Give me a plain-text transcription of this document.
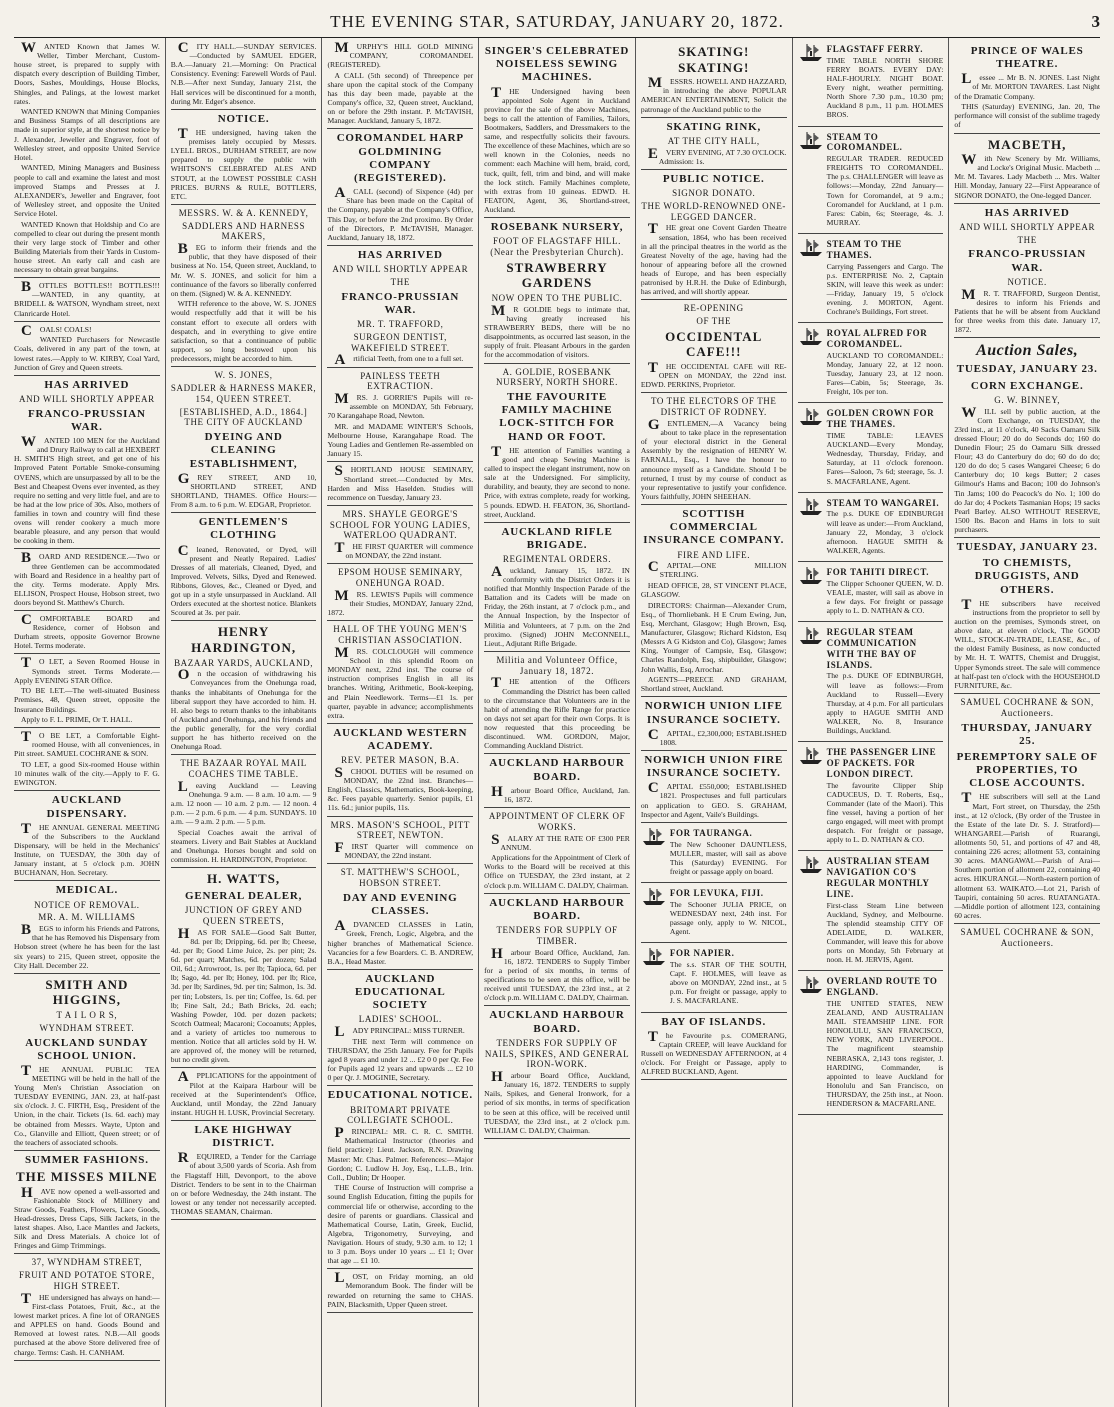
THE EVENING STAR, SATURDAY, JANUARY 20, 1872.	3

WANTED Known that James W. Weller, Timber Merchant, Custom-house street, is prepared to supply with dispatch every description of Building Timber, Doors, Sashes, Mouldings, House Blocks, Shingles, and Palings, at the lowest market rates.

WANTED KNOWN that Mining Companies and Business Stamps of all descriptions are made in superior style, at the shortest notice by J. Alexander, Jeweller and Engraver, foot of Wellesley street, and opposite United Service Hotel.

WANTED, Mining Managers and Business people to call and examine the latest and most improved Stamps and Presses at J. ALEXANDER's, Jeweller and Engraver, foot of Wellesley street, and opposite the United Service Hotel.

WANTED Known that Holdship and Co are compelled to clear out during the present month their very large stock of Timber and other Building Materials from their Yards in Custom-house street. An early call and cash are necessary to obtain great bargains.

BOTTLES BOTTLES!! BOTTLES!!! —WANTED, in any quantity, at BRIDELL & WATSON, Wyndham street, next Clanricarde Hotel.

COALS! COALS!

WANTED Purchasers for Newcastle Coals, delivered in any part of the town, at lowest rates.—Apply to W. KIRBY, Coal Yard, Junction of Grey and Queen streets.

HAS ARRIVED
AND WILL SHORTLY APPEAR
FRANCO-PRUSSIAN WAR.

WANTED 100 MEN for the Auckland and Drury Railway to call at HEXBERT H. SMITH'S High street, and get one of his Improved Patent Portable Smoke-consuming OVENS, which are unsurpassed by all to be the Best and Cheapest Ovens ever invented, as they require no setting and very little fuel, and are to be had at the low price of 30s. Also, mothers of families in town and country will find these ovens will render cookery a much more bearable pleasure, and any person that would be cooking in them.

BOARD AND RESIDENCE.—Two or three Gentlemen can be accommodated with Board and Residence in a healthy part of the city. Terms moderate. Apply Mrs. ELLISON, Prospect House, Hobson street, two doors beyond St. Matthew's Church.

COMFORTABLE BOARD and Residence, corner of Hobson and Durham streets, opposite Governor Browne Hotel. Terms moderate.

TO LET, a Seven Roomed House in Symonds street. Terms Moderate.—Apply EVENING STAR Office.

TO BE LET.—The well-situated Business Premises, 48, Queen street, opposite the Insurance Buildings.

Apply to F. L. PRIME, Or T. HALL.

TO BE LET, a Comfortable Eight-roomed House, with all conveniences, in Pitt street. SAMUEL COCHRANE & SON.

TO LET, a good Six-roomed House within 10 minutes walk of the city.—Apply to F. G. EWINGTON.

AUCKLAND DISPENSARY.

THE ANNUAL GENERAL MEETING of the Subscribers to the Auckland Dispensary, will be held in the Mechanics' Institute, on TUESDAY, the 30th day of January instant, at 5 o'clock p.m. JOHN BUCHANAN, Hon. Secretary.

MEDICAL.
NOTICE OF REMOVAL.
MR. A. M. WILLIAMS

BEGS to inform his Friends and Patrons, that he has Removed his Dispensary from Hobson street (where he has been for the last six years) to 215, Queen street, opposite the City Hall. December 22.

SMITH AND HIGGINS,
T A I L O R S,
WYNDHAM STREET.
AUCKLAND SUNDAY SCHOOL UNION.

THE ANNUAL PUBLIC TEA MEETING will be held in the hall of the Young Men's Christian Association on TUESDAY EVENING, JAN. 23, at half-past six o'clock. J. C. FIRTH, Esq., President of the Union, in the chair. Tickets (1s. 6d. each) may be obtained from Messrs. Wayte, Upton and Co., Glanville and Elliott, Queen street; or of the teachers of associated schools.

SUMMER FASHIONS.
THE MISSES MILNE

HAVE now opened a well-assorted and Fashionable Stock of Millinery and Straw Goods, Feathers, Flowers, Lace Goods, Head-dresses, Dress Caps, Silk Jackets, in the latest shapes. Also, Lace Mantles and Jackets, Silk and Dress Materials. A choice lot of Fringes and Gimp Trimmings.

37, WYNDHAM STREET,
FRUIT AND POTATOE STORE, HIGH STREET.

THE undersigned has always on hand:— First-class Potatoes, Fruit, &c., at the lowest market prices. A fine lot of ORANGES and APPLES on hand. Goods Bound and Removed at lowest rates. N.B.—All goods purchased at the above Store delivered free of charge. Terms: Cash. H. CANHAM.

CITY HALL.—SUNDAY SERVICES.—Conducted by SAMUEL EDGER, B.A.—January 21.—Morning: On Practical Consistency. Evening: Farewell Words of Paul. N.B.—After next Sunday, January 21st, the Hall services will be discontinued for a month, during Mr. Edger's absence.

NOTICE.

THE undersigned, having taken the premises lately occupied by Messrs. LYELL BROS., DURHAM STREET, are now prepared to supply the public with WHITSON'S CELEBRATED ALES AND STOUT, at the LOWEST POSSIBLE CASH PRICES. BURNS & RULE, BOTTLERS, ETC.

MESSRS. W. & A. KENNEDY,
SADDLERS AND HARNESS MAKERS,

BEG to inform their friends and the public, that they have disposed of their business at No. 154, Queen street, Auckland, to Mr. W. S. JONES, and solicit for him a continuance of the favors so liberally conferred on them. (Signed) W. & A. KENNEDY.

WITH reference to the above, W. S. JONES would respectfully add that it will be his constant effort to execute all orders with despatch, and in everything to give entire satisfaction, so that a continuance of public support, so long bestowed upon his predecessors, might be accorded to him.

W. S. JONES,
SADDLER & HARNESS MAKER, 154, QUEEN STREET.
[ESTABLISHED, A.D., 1864.] THE CITY OF AUCKLAND
DYEING AND CLEANING ESTABLISHMENT,

GREY STREET, AND 10, SHORTLAND STREET, AND SHORTLAND, THAMES. Office Hours:—From 8 a.m. to 6 p.m. W. EDGAR, Proprietor.

GENTLEMEN'S CLOTHING

Cleaned, Renovated, or Dyed, will present and Neatly Repaired. Ladies' Dresses of all materials, Cleaned, Dyed, and Improved. Velvets, Silks, Dyed and Renewed. Ribbons, Gloves, &c., Cleaned or Dyed, and got up in a style unsurpassed in Auckland. All Orders executed at the shortest notice. Blankets Scoured at 3s. per pair.

HENRY HARDINGTON,
BAZAAR YARDS, AUCKLAND,

On the occasion of withdrawing his Conveyances from the Onehunga road, thanks the inhabitants of Onehunga for the liberal support they have accorded to him. H. H. also begs to return thanks to the inhabitants of Auckland and Onehunga, and his friends and the public generally, for the very cordial support he has hitherto received on the Onehunga Road.

THE BAZAAR ROYAL MAIL COACHES TIME TABLE.

Leaving Auckland — Leaving Onehunga. 9 a.m. — 8 a.m. 10 a.m. — 9 a.m. 12 noon — 10 a.m. 2 p.m. — 12 noon. 4 p.m. — 2 p.m. 6 p.m. — 4 p.m. SUNDAYS. 10 a.m. — 9 a.m. 2 p.m. — 5 p.m.

Special Coaches await the arrival of steamers. Livery and Bait Stables at Auckland and Onehunga. Horses bought and sold on commission. H. HARDINGTON, Proprietor.

H. WATTS,
GENERAL DEALER,
JUNCTION OF GREY AND QUEEN STREETS,

HAS FOR SALE—Good Salt Butter, 8d. per lb; Dripping, 6d. per lb; Cheese, 4d. per lb; Good Lime Juice, 2s. per pint; 2s. 6d. per quart; Matches, 6d. per dozen; Salad Oil, 6d.; Arrowroot, 1s. per lb; Tapioca, 6d. per lb; Sago, 4d. per lb; Honey, 10d. per lb; Rice, 3d. per lb; Sardines, 9d. per tin; Salmon, 1s. 3d. per tin; Lobsters, 1s. per tin; Coffee, 1s. 6d. per lb; Fine Salt, 2d.; Bath Bricks, 2d. each; Washing Powder, 10d. per dozen packets; Scotch Oatmeal; Macaroni; Cocoanuts; Apples, and a variety of articles too numerous to mention. Notice that all articles sold by H. W. are approved of, the money will be returned, but no credit given.

APPLICATIONS for the appointment of Pilot at the Kaipara Harbour will be received at the Superintendent's Office, Auckland, until Monday, the 22nd January instant. HUGH H. LUSK, Provincial Secretary.

LAKE HIGHWAY DISTRICT.

REQUIRED, a Tender for the Carriage of about 3,500 yards of Scoria. Ash from the Flagstaff Hill, Devonport, to the above District. Tenders to be sent in to the Chairman on or before Wednesday, the 24th instant. The lowest or any tender not necessarily accepted. THOMAS SEAMAN, Chairman.

MURPHY'S HILL GOLD MINING COMPANY, COROMANDEL (REGISTERED).

A CALL (5th second) of Threepence per share upon the capital stock of the Company has this day been made, payable at the Company's office, 32, Queen street, Auckland, on or before the 29th instant. P. McTAVISH, Manager. Auckland, January 5, 1872.

COROMANDEL HARP GOLDMINING COMPANY (REGISTERED).

ACALL (second) of Sixpence (4d) per Share has been made on the Capital of the Company, payable at the Company's Office, This Day, or before the 2nd proximo. By Order of the Directors, P. McTAVISH, Manager. Auckland, January 18, 1872.

HAS ARRIVED
AND WILL SHORTLY APPEAR
THE
FRANCO-PRUSSIAN WAR.
MR. T. TRAFFORD,
SURGEON DENTIST, WAKEFIELD STREET.

Artificial Teeth, from one to a full set.

PAINLESS TEETH EXTRACTION.

MRS. J. GORRIE'S Pupils will re-assemble on MONDAY, 5th February, 70 Karangahape Road, Newton.

MR. and MADAME WINTER'S Schools, Melbourne House, Karangahape Road. The Young Ladies and Gentlemen Re-assembled on January 15.

SHORTLAND HOUSE SEMINARY, Shortland street.—Conducted by Mrs. Harden and Miss Haselden. Studies will recommence on Tuesday, January 23.

MRS. SHAYLE GEORGE'S SCHOOL FOR YOUNG LADIES, WATERLOO QUADRANT.

THE FIRST QUARTER will commence on MONDAY, the 22nd instant.

EPSOM HOUSE SEMINARY, ONEHUNGA ROAD.

MRS. LEWIS'S Pupils will commence their Studies, MONDAY, January 22nd, 1872.

HALL OF THE YOUNG MEN'S CHRISTIAN ASSOCIATION.

MRS. COLCLOUGH will commence School in this splendid Room on MONDAY next, 22nd inst. The course of instruction comprises English in all its branches. Writing, Arithmetic, Book-keeping, and Plain Needlework. Terms—£1 1s. per quarter, payable in advance; accomplishments extra.

AUCKLAND WESTERN ACADEMY.
REV. PETER MASON, B.A.

SCHOOL DUTIES will be resumed on MONDAY, the 22nd inst. Branches—English, Classics, Mathematics, Book-keeping, &c. Fees payable quarterly. Senior pupils, £1 11s. 6d.; junior pupils, 11s.

MRS. MASON'S SCHOOL, PITT STREET, NEWTON.

FIRST Quarter will commence on MONDAY, the 22nd instant.

ST. MATTHEW'S SCHOOL, HOBSON STREET.
DAY AND EVENING CLASSES.

ADVANCED CLASSES in Latin, Greek, French, Logic, Algebra, and the higher branches of Mathematical Science. Vacancies for a few Boarders. C. B. ANDREW, B.A., Head Master.

AUCKLAND EDUCATIONAL SOCIETY
LADIES' SCHOOL.

LADY PRINCIPAL: MISS TURNER.

THE next Term will commence on THURSDAY, the 25th January. Fee for Pupils aged 8 years and under 12 ... £2 0 0 per Qr. Fee for Pupils aged 12 years and upwards ... £2 10 0 per Qr. J. MOGINIE, Secretary.

EDUCATIONAL NOTICE.
BRITOMART PRIVATE COLLEGIATE SCHOOL.

PRINCIPAL: MR. C. R. C. SMITH. Mathematical Instructor (theories and field practice): Lieut. Jackson, R.N. Drawing Master: Mr. Chas. Palmer. References:—Major Gordon; C. Ludlow H. Joy, Esq., L.L.B., Irin. Coll., Dublin; Dr Hooper.

THE Course of Instruction will comprise a sound English Education, fitting the pupils for commercial life or otherwise, according to the desire of parents or guardians. Classical and Mathematical Course, Latin, Greek, Euclid, Algebra, Trigonometry, Surveying, and Navigation. Hours of study, 9.30 a.m. to 12; 1 to 3 p.m. Boys under 10 years ... £1 1; Over that age ... £1 10.

LOST, on Friday morning, an old Memorandum Book. The finder will be rewarded on returning the same to CHAS. PAIN, Blacksmith, Upper Queen street.

SINGER'S CELEBRATED NOISELESS SEWING MACHINES.

THE Undersigned having been appointed Sole Agent in Auckland province for the sale of the above Machines, begs to call the attention of Families, Tailors, Bootmakers, Saddlers, and Dressmakers to the same, and respectfully solicits their favours. The excellence of these Machines, which are so well known in the Colonies, needs no comment: each Machine will hem, braid, cord, tuck, quilt, fell, trim and bind, and will make the lock stitch. Family Machines complete, with extras from 10 guineas. EDWD. H. FEATON, Agent, 36, Shortland-street, Auckland.

ROSEBANK NURSERY,
FOOT OF FLAGSTAFF HILL. (Near the Presbyterian Church).
STRAWBERRY GARDENS
NOW OPEN TO THE PUBLIC.

MR GOLDIE begs to intimate that, having greatly increased his STRAWBERRY BEDS, there will be no disappointments, as occurred last season, in the supply of fruit. Pleasant Arbours in the garden for the accommodation of visitors.

A. GOLDIE, ROSEBANK NURSERY, NORTH SHORE.
THE FAVOURITE FAMILY MACHINE LOCK-STITCH FOR HAND OR FOOT.

THE attention of Families wanting a good and cheap Sewing Machine is called to inspect the elegant instrument, now on sale at the Undersigned. For simplicity, durability, and beauty, they are second to none. Price, with extras complete, ready for working, 5 pounds. EDWD. H. FEATON, 36, Shortland-street, Auckland.

AUCKLAND RIFLE BRIGADE.
REGIMENTAL ORDERS.

Auckland, January 15, 1872. IN conformity with the District Orders it is notified that Monthly Inspection Parade of the Battalion and its Cadets will be made on Friday, the 26th instant, at 7 o'clock p.m., and the Annual Inspection, by the Inspector of Militia and Volunteers, at 7 p.m. on the 2nd proximo. (Signed) JOHN McCONNELL, Lieut., Adjutant Rifle Brigade.

Militia and Volunteer Office, January 18, 1872.

THE attention of the Officers Commanding the District has been called to the circumstance that Volunteers are in the habit of attending the Rifle Range for practice on days not set apart for their own Corps. It is now requested that this proceeding be discontinued. WM. GORDON, Major, Commanding Auckland District.

AUCKLAND HARBOUR BOARD.

Harbour Board Office, Auckland, Jan. 16, 1872.

APPOINTMENT OF CLERK OF WORKS.

SALARY AT THE RATE OF £300 PER ANNUM.

Applications for the Appointment of Clerk of Works to the Board will be received at this Office on TUESDAY, the 23rd instant, at 2 o'clock p.m. WILLIAM C. DALDY, Chairman.

AUCKLAND HARBOUR BOARD.
TENDERS FOR SUPPLY OF TIMBER.

Harbour Board Office, Auckland, Jan. 16, 1872. TENDERS to Supply Timber for a period of six months, in terms of specifications to be seen at this office, will be received until TUESDAY, the 23rd inst., at 2 o'clock p.m. WILLIAM C. DALDY, Chairman.

AUCKLAND HARBOUR BOARD.
TENDERS FOR SUPPLY OF NAILS, SPIKES, AND GENERAL IRON-WORK.

Harbour Board Office, Auckland, January 16, 1872. TENDERS to supply Nails, Spikes, and General Ironwork, for a period of six months, in terms of specification to be seen at this office, will be received until TUESDAY, the 23rd inst., at 2 o'clock p.m. WILLIAM C. DALDY, Chairman.

SKATING! SKATING!

MESSRS. HOWELL AND HAZZARD, in introducing the above POPULAR AMERICAN ENTERTAINMENT, Solicit the patronage of the Auckland public to the

SKATING RINK,
AT THE CITY HALL,

EVERY EVENING, AT 7.30 O'CLOCK. Admission: 1s.

PUBLIC NOTICE.
SIGNOR DONATO.
THE WORLD-RENOWNED ONE-LEGGED DANCER.

THE great one Covent Garden Theatre sensation, 1864, who has been received in all the principal theatres in the world as the Greatest Novelty of the age, having had the honour of appearing before all the crowned heads of Europe, and has been especially patronised by H.R.H. the Duke of Edinburgh, has arrived, and will shortly appear.

RE-OPENING
OF THE
OCCIDENTAL CAFE!!!

THE OCCIDENTAL CAFE will RE-OPEN on MONDAY, the 22nd inst. EDWD. PERKINS, Proprietor.

TO THE ELECTORS OF THE DISTRICT OF RODNEY.

GENTLEMEN,—A Vacancy being about to take place in the representation of your electoral district in the General Assembly by the resignation of HENRY W. FARNALL, Esq., I have the honour to announce myself as a Candidate. Should I be returned, I trust by my course of conduct as your representative to justify your confidence. Yours faithfully, JOHN SHEEHAN.

SCOTTISH COMMERCIAL INSURANCE COMPANY.
FIRE AND LIFE.

CAPITAL—ONE MILLION STERLING.

HEAD OFFICE, 28, ST VINCENT PLACE, GLASGOW.

DIRECTORS: Chairman—Alexander Crum, Esq., of Thornliebank. H E Crum Ewing, Jun, Esq, Merchant, Glasgow; Hugh Brown, Esq, Manufacturer, Glasgow; Richard Kidston, Esq (Messrs A G Kidston and Co), Glasgow; James King, Younger of Campsie, Esq, Glasgow; Charles Randolph, Esq, shipbuilder, Glasgow; John Wallis, Esq, Arrochar.

AGENTS—PREECE AND GRAHAM, Shortland street, Auckland.

NORWICH UNION LIFE INSURANCE SOCIETY.

CAPITAL, £2,300,000; ESTABLISHED 1808.

NORWICH UNION FIRE INSURANCE SOCIETY.

CAPITAL £550,000; ESTABLISHED 1821. Prospectuses and full particulars on application to GEO. S. GRAHAM, Inspector and Agent, Vaile's Buildings.

FOR TAURANGA.
The New Schooner DAUNTLESS, MULLER, master, will sail as above This (Saturday) EVENING. For freight or passage apply on board.
FOR LEVUKA, FIJI.
The Schooner JULIA PRICE, on WEDNESDAY next, 24th inst. For passage only, apply to W. NICOL, Agent.
FOR NAPIER.
The s.s. STAR OF THE SOUTH, Capt. F. HOLMES, will leave as above on MONDAY, 22nd inst., at 5 p.m. For freight or passage, apply to J. S. MACFARLANE.
BAY OF ISLANDS.

The Favourite p.s. COMERANG, Captain CREEP, will leave Auckland for Russell on WEDNESDAY AFTERNOON, at 4 o'clock. For Freight or Passage, apply to ALFRED BUCKLAND, Agent.

FLAGSTAFF FERRY.
TIME TABLE NORTH SHORE FERRY BOATS. EVERY DAY: HALF-HOURLY. NIGHT BOAT. Every night, weather permitting. North Shore 7.30 p.m., 10.30 pm; Auckland 8 p.m., 11 p.m. HOLMES BROS.
STEAM TO COROMANDEL.
REGULAR TRADER. REDUCED FREIGHTS TO COROMANDEL. The p.s. CHALLENGER will leave as follows:—Monday, 22nd January—Town for Coromandel, at 9 a.m.; Coromandel for Auckland, at 1 p.m. Fares: Cabin, 6s; Steerage, 4s. J. MURRAY.
STEAM TO THE THAMES.
Carrying Passengers and Cargo. The p.s. ENTERPRISE No. 2, Captain SKIN, will leave this week as under:—Friday, January 19, 5 o'clock evening. J. MORTON, Agent. Cochrane's Buildings, Fort street.
ROYAL ALFRED FOR COROMANDEL.
AUCKLAND TO COROMANDEL: Monday, January 22, at 12 noon. Tuesday, January 23, at 12 noon. Fares—Cabin, 5s; Steerage, 3s. Freight, 10s per ton.
GOLDEN CROWN FOR THE THAMES.
TIME TABLE: LEAVES AUCKLAND—Every Monday, Wednesday, Thursday, Friday, and Saturday, at 11 o'clock forenoon. Fares—Saloon, 7s 6d; steerage, 5s. J. S. MACFARLANE, Agent.
STEAM TO WANGAREI.
The p.s. DUKE OF EDINBURGH will leave as under:—From Auckland, January 22, Monday, 3 o'clock afternoon. HAGUE SMITH & WALKER, Agents.
FOR TAHITI DIRECT.
The Clipper Schooner QUEEN, W. D. VEALE, master, will sail as above in a few days. For freight or passage apply to L. D. NATHAN & CO.
REGULAR STEAM COMMUNICATION WITH THE BAY OF ISLANDS.
The p.s. DUKE OF EDINBURGH, will leave as follows:—From Auckland to Russell—Every Thursday, at 4 p.m. For all particulars apply to HAGUE SMITH AND WALKER, No. 8, Insurance Buildings, Auckland.
THE PASSENGER LINE OF PACKETS. FOR LONDON DIRECT.
The favourite Clipper Ship CADUCEUS, D. T. Roberts, Esq., Commander (late of the Maori). This fine vessel, having a portion of her cargo engaged, will meet with prompt despatch. For freight or passage, apply to L. D. NATHAN & CO.
AUSTRALIAN STEAM NAVIGATION CO'S REGULAR MONTHLY LINE.
First-class Steam Line between Auckland, Sydney, and Melbourne. The splendid steamship CITY OF ADELAIDE, D. WALKER, Commander, will leave this for above ports on Monday, 5th February at noon. H. M. JERVIS, Agent.
OVERLAND ROUTE TO ENGLAND.
THE UNITED STATES, NEW ZEALAND, AND AUSTRALIAN MAIL STEAMSHIP LINE. FOR HONOLULU, SAN FRANCISCO, NEW YORK, AND LIVERPOOL. The magnificent steamship NEBRASKA, 2,143 tons register, J. HARDING, Commander, is appointed to leave Auckland for Honolulu and San Francisco, on THURSDAY, the 25th inst., at Noon. HENDERSON & MACFARLANE.
PRINCE OF WALES THEATRE.

Lessee ... Mr B. N. JONES. Last Night of Mr. MORTON TAVARES. Last Night of the Dramatic Company.

THIS (Saturday) EVENING, Jan. 20, The performance will consist of the sublime tragedy of

MACBETH,

With New Scenery by Mr. Williams, and Locke's Original Music. Macbeth ... Mr. M. Tavares. Lady Macbeth ... Mrs. Walter Hill. Monday, January 22—First Appearance of SIGNOR DONATO, the One-legged Dancer.

HAS ARRIVED
AND WILL SHORTLY APPEAR
THE
FRANCO-PRUSSIAN WAR.
NOTICE.

MR. T. TRAFFORD, Surgeon Dentist, desires to inform his Friends and Patients that he will be absent from Auckland for three weeks from this date. January 17, 1872.

Auction Sales,
TUESDAY, JANUARY 23.
CORN EXCHANGE.
G. W. BINNEY,

WILL sell by public auction, at the Corn Exchange, on TUESDAY, the 23rd inst., at 11 o'clock, 40 Sacks Oamaru Silk dressed Flour; 20 do do Seconds do; 160 do Dunedin Flour; 25 do Oamaru Silk dressed Flour; 43 do Canterbury do do; 60 do do do; 120 do do do; 5 cases Wangarei Cheese; 6 do Canterbury do; 10 kegs Butter; 2 cases Gilmour's Hams and Bacon; 100 do Johnson's Tin Jams; 100 do Peacock's do No. 1; 100 do do Jar do; 4 Pockets Tasmanian Hops; 19 sacks Pearl Barley. ALSO WITHOUT RESERVE, 1500 lbs. Bacon and Hams in lots to suit purchasers.

TUESDAY, JANUARY 23.
TO CHEMISTS, DRUGGISTS, AND OTHERS.

THE subscribers have received instructions from the proprietor to sell by auction on the premises, Symonds street, on above date, at eleven o'clock, The GOOD WILL, STOCK-IN-TRADE, LEASE, &c., of the oldest Family Business, as now conducted by Mr. H. T. WATTS, Chemist and Druggist, Upper Symonds street. The sale will commence at half-past ten o'clock with the HOUSEHOLD FURNITURE, &c.

SAMUEL COCHRANE & SON, Auctioneers.
THURSDAY, JANUARY 25.
PEREMPTORY SALE OF PROPERTIES, TO CLOSE ACCOUNTS.

THE subscribers will sell at the Land Mart, Fort street, on Thursday, the 25th inst., at 12 o'clock, (By order of the Trustee in the Estate of the late Dr. S. J. Stratford)—WHANGAREI.—Parish of Ruarangi, allotments 50, 51, and portions of 47 and 48, containing 226 acres; allotment 53, containing 30 acres. MANGAWAI.—Parish of Arai—Southern portion of allotment 22, containing 40 acres. HIKURANGI.—North-eastern portion of allotment 63. WAIKATO.—Lot 21, Parish of Taupiri, containing 50 acres. RUATANGATA.—Middle portion of allotment 123, containing 60 acres.

SAMUEL COCHRANE & SON, Auctioneers.
